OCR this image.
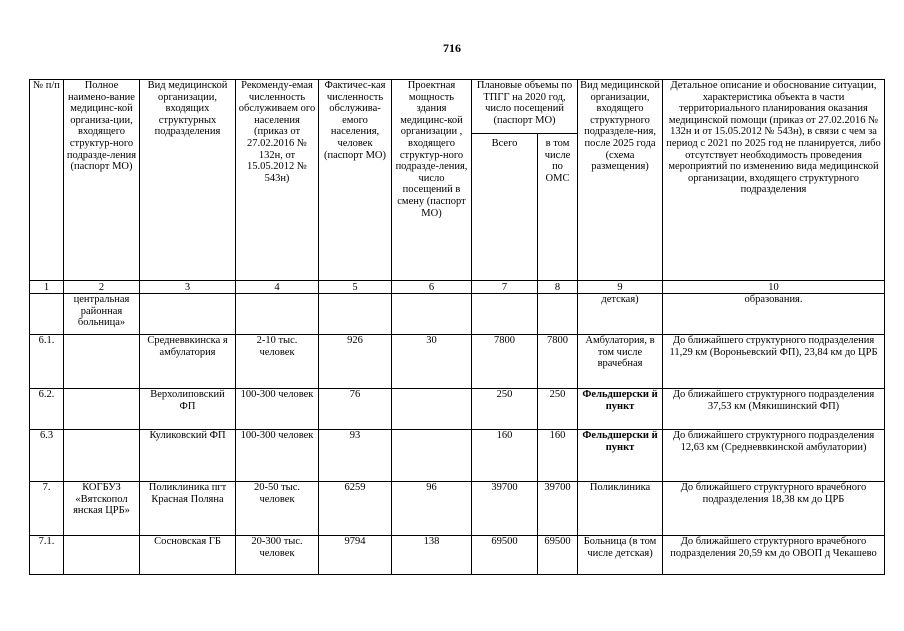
716
№ п/п	Полное наимено-вание медицинс-кой организа-ции, входящего структур-ного подразде-ления (паспорт МО)	Вид медицинской организации, входящих структурных подразделения	Рекоменду-емая численность обслуживаем ого населения (приказ от 27.02.2016 № 132н, от 15.05.2012 № 543н)	Фактичес-кая численность обслужива-емого населения, человек (паспорт МО)	Проектная мощность здания медицинс-кой организации , входящего структур-ного подразде-ления, число посещений в смену (паспорт МО)	Плановые объемы по ТПГГ на 2020 год, число посещений (паспорт МО)		Вид медицинской организации, входящего структурного подразделе-ния, после 2025 года (схема размещения)	Детальное описание и обоснование ситуации, характеристика объекта в части территориального планирования оказания медицинской помощи (приказ от 27.02.2016 № 132н и от 15.05.2012 № 543н), в связи с чем за период с 2021 по 2025 год не планируется, либо отсутствует необходимость проведения мероприятий по изменению вида медицинской организации, входящего структурного подразделения
						Всего	в том числе по ОМС		
1	2	3	4	5	6	7	8	9	10
	центральная районная больница»							детская)	образования.
6.1.		Средневвкинска я амбулатория	2-10 тыс. человек	926	30	7800	7800	Амбулатория, в том числе врачебная	До ближайшего структурного подразделения 11,29 км (Вороньевский ФП), 23,84 км до ЦРБ
6.2.		Верхолиповский ФП	100-300 человек	76		250	250	Фельдшерски й пункт	До ближайшего структурного подразделения 37,53 км (Мякишинский ФП)
6.3		Куликовский ФП	100-300 человек	93		160	160	Фельдшерски й пункт	До ближайшего структурного подразделения 12,63 км (Средневвкинской амбулатории)
7.	КОГБУЗ «Вятскопол янская ЦРБ»	Поликлиника пгт Красная Поляна	20-50 тыс. человек	6259	96	39700	39700	Поликлиника	До ближайшего структурного врачебного подразделения 18,38 км до ЦРБ
7.1.		Сосновская ГБ	20-300 тыс. человек	9794	138	69500	69500	Больница (в том числе детская)	До ближайшего структурного врачебного подразделения 20,59 км до ОВОП д Чекашево
